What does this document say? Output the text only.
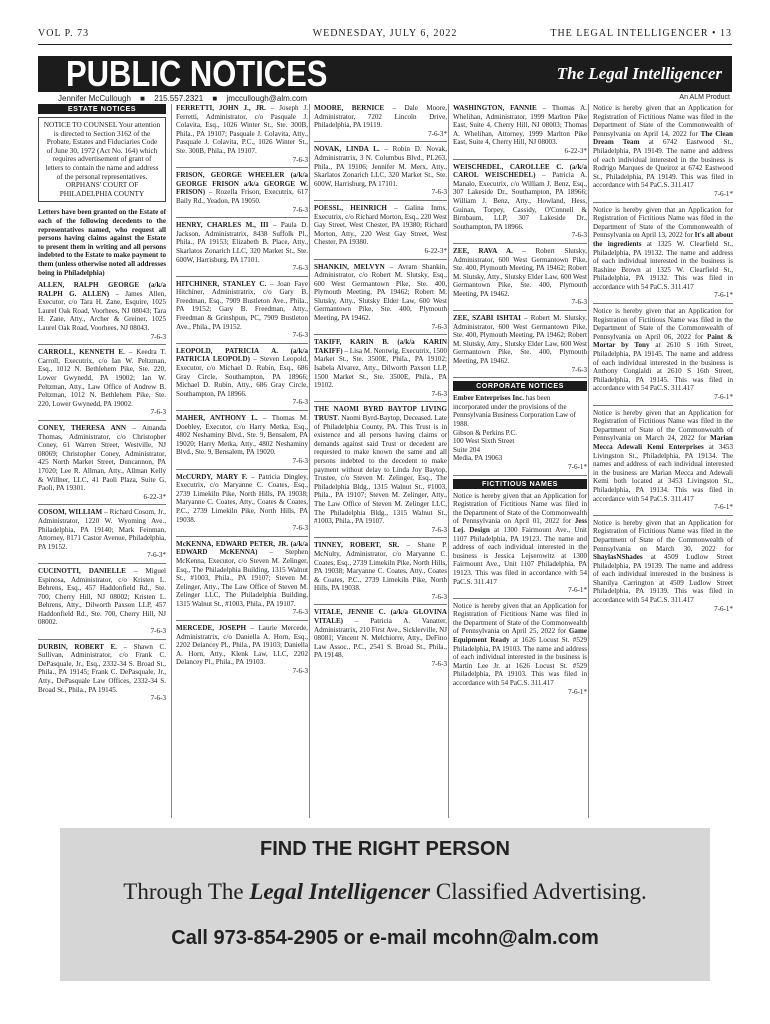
VOL P. 73	WEDNESDAY, JULY 6, 2022	THE LEGAL INTELLIGENCER • 13
PUBLIC NOTICES	The Legal Intelligencer
Jennifer McCullough ■ 215.557.2321 ■ jmccullough@alm.com	An ALM Product
ESTATE NOTICES
NOTICE TO COUNSEL Your attention is directed to Section 3162 of the Probate, Estates and Fiduciaries Code of June 30, 1972 (Act No. 164) which requires advertisement of grant of letters to contain the name and address of the personal representatives. ORPHANS' COURT OF PHILADELPHIA COUNTY
Letters have been granted on the Estate of each of the following decedents to the representatives named, who request all persons having claims against the Estate to present them in writing and all persons indebted to the Estate to make payment to them (unless otherwise noted all addresses being in Philadelphia)
ALLEN, RALPH GEORGE (a/k/a RALPH G. ALLEN) – James Allen, Executor, c/o Tara H. Zane, Esquire, 1025 Laurel Oak Road, Voorhees, NJ 08043; Tara H. Zane, Atty., Archer & Greiner, 1025 Laurel Oak Road, Voorhees, NJ 08043.
7-6-3
CARROLL, KENNETH E. – Keedra T. Carroll, Executrix, c/o Ian W. Peltzman, Esq., 1012 N. Bethlehem Pike, Ste. 220, Lower Gwynedd, PA 19002; Ian W. Peltzman, Atty., Law Office of Andrew B. Peltzman, 1012 N. Bethlehem Pike, Ste. 220, Lower Gwynedd, PA 19002.
7-6-3
CONEY, THERESA ANN – Amanda Thomas, Administrator, c/o Christopher Coney, 61 Warren Street, Westville, NJ 08069; Christopher Coney, Administrator, 425 North Market Street, Duncannon, PA 17020; Lee R. Allman, Atty., Allman Kelly & Willner, LLC, 41 Paoli Plaza, Suite G, Paoli, PA 19301.
6-22-3*
COSOM, WILLIAM – Richard Cosom, Jr., Administrator, 1220 W. Wyoming Ave., Philadelphia, PA 19140; Mark Feinman, Attorney, 8171 Castor Avenue, Philadelphia, PA 19152.
7-6-3*
CUCINOTTI, DANIELLE – Miguel Espinosa, Administrator, c/o Kristen L. Behrens, Esq., 457 Haddonfield Rd., Ste. 700, Cherry Hill, NJ 08002; Kristen L. Behrens, Atty., Dilworth Paxson LLP, 457 Haddonfield Rd., Ste. 700, Cherry Hill, NJ 08002.
7-6-3
DURBIN, ROBERT E. – Shawn C. Sullivan, Administrator, c/o Frank C. DePasquale, Jr., Esq., 2332-34 S. Broad St., Phila., PA 19145; Frank C. DePasquale, Jr., Atty., DePasquale Law Offices, 2332-34 S. Broad St., Phila., PA 19145.
7-6-3
FERRETTI, JOHN J., JR. – Joseph J. Ferretti, Administrator, c/o Pasquale J. Colavita, Esq., 1026 Winter St., Ste. 300B, Phila., PA 19107; Pasquale J. Colavita, Atty., Pasquale J. Colavita, P.C., 1026 Winter St., Ste. 300B, Phila., PA 19107.
7-6-3
FRISON, GEORGE WHEELER (a/k/a GEORGE FRISON a/k/a GEORGE W. FRISON) – Rozella Frison, Executrix, 617 Baily Rd., Yeadon, PA 19050.
7-6-3
HENRY, CHARLES M., III – Paula D. Jackson, Administratrix, 8438 Suffolk Pl., Phila., PA 19153; Elizabeth B. Place, Atty., Skarlatos Zonarich LLC, 320 Market St., Ste. 600W, Harrisburg, PA 17101.
7-6-3
HITCHINER, STANLEY C. – Joan Faye Hitchiner, Administratrix, c/o Gary B. Freedman, Esq., 7909 Bustleton Ave., Phila., PA 19152; Gary B. Freedman, Atty., Freedman & Grinshpun, PC, 7909 Bustleton Ave., Phila., PA 19152.
7-6-3
LEOPOLD, PATRICIA A. (a/k/a PATRICIA LEOPOLD) – Steven Leopold, Executor, c/o Michael D. Rubin, Esq., 686 Gray Circle, Southampton, PA 18966; Michael D. Rubin, Atty., 686 Gray Circle, Southampton, PA 18966.
7-6-3
MAHER, ANTHONY L. – Thomas M. Doebley, Executor, c/o Harry Metka, Esq., 4802 Neshaminy Blvd., Ste. 9, Bensalem, PA 19020; Harry Metka, Atty., 4802 Neshaminy Blvd., Ste. 9, Bensalem, PA 19020.
7-6-3
McCURDY, MARY F. – Patricia Dingley, Executrix, c/o Maryanne C. Coates, Esq., 2739 Limekiln Pike, North Hills, PA 19038; Maryanne C. Coates, Atty., Coates & Coates, P.C., 2739 Limekiln Pike, North Hills, PA 19038.
7-6-3
McKENNA, EDWARD PETER, JR. (a/k/a EDWARD McKENNA) – Stephen McKenna, Executor, c/o Steven M. Zelinger, Esq., The Philadelphia Building, 1315 Walnut St., #1003, Phila., PA 19107; Steven M. Zelinger, Atty., The Law Office of Steven M. Zelinger LLC, The Philadelphia Building, 1315 Walnut St., #1003, Phila., PA 19107.
7-6-3
MERCEDE, JOSEPH – Laurie Mercede, Administratrix, c/o Daniella A. Horn, Esq., 2202 Delancey Pl., Phila., PA 19103; Daniella A. Horn, Atty., Klenk Law, LLC, 2202 Delancey Pl., Phila., PA 19103.
7-6-3
MOORE, BERNICE – Dale Moore, Administrator, 7202 Lincoln Drive, Philadelphia, PA 19119.
7-6-3*
NOVAK, LINDA L. – Robin D. Novak, Administratrix, 3 N. Columbus Blvd., PL263, Phila., PA 19106; Jennifer M. Merx, Atty., Skarlatos Zonarich LLC, 320 Market St., Ste. 600W, Harrisburg, PA 17101.
7-6-3
POESSL, HEINRICH – Galina Inms, Executrix, c/o Richard Morton, Esq., 220 West Gay Street, West Chester, PA 19380; Richard Morton, Atty., 220 West Gay Street, West Chester, PA 19380.
6-22-3*
SHANKIN, MELVYN – Avram Shankin, Administrator, c/o Robert M. Slutsky, Esq., 600 West Germantown Pike, Ste. 400, Plymouth Meeting, PA 19462; Robert M. Slutsky, Atty., Slutsky Elder Law, 600 West Germantown Pike, Ste. 400, Plymouth Meeting, PA 19462.
7-6-3
TAKIFF, KARIN B. (a/k/a KARIN TAKIFF) – Lisa M. Nentwig, Executrix, 1500 Market St., Ste. 3500E, Phila., PA 19102; Isabela Alvarez, Atty., Dilworth Paxson LLP, 1500 Market St., Ste. 3500E, Phila., PA 19102.
7-6-3
THE NAOMI BYRD BAYTOP LIVING TRUST. Naomi Byrd-Baytop, Deceased. Late of Philadelphia County, PA. This Trust is in existence and all persons having claims or demands against said Trust or decedent are requested to make known the same and all persons indebted to the decedent to make payment without delay to Linda Joy Baytop, Trustee, c/o Steven M. Zelinger, Esq., The Philadelphia Bldg., 1315 Walnut St., #1003, Phila., PA 19107; Steven M. Zelinger, Atty., The Law Office of Steven M. Zelinger LLC, The Philadelphia Bldg., 1315 Walnut St., #1003, Phila., PA 19107.
7-6-3
TINNEY, ROBERT, SR. – Shane P. McNulty, Administrator, c/o Maryanne C. Coates, Esq., 2739 Limekiln Pike, North Hills, PA 19038; Maryanne C. Coates, Atty., Coates & Coates, P.C., 2739 Limekiln Pike, North Hills, PA 19038.
7-6-3
VITALE, JENNIE C. (a/k/a GLOVINA VITALE) – Patricia A. Vanatter, Administratrix, 210 First Ave., Sicklerville, NJ 08081; Vincent N. Melchiorre, Atty., DeFino Law Assoc., P.C., 2541 S. Broad St., Phila., PA 19148.
7-6-3
WASHINGTON, FANNIE – Thomas A. Whelihan, Administrator, 1999 Marlton Pike East, Suite 4, Cherry Hill, NJ 08003; Thomas A. Whelihan, Attorney, 1999 Marlton Pike East, Suite 4, Cherry Hill, NJ 08003.
6-22-3*
WEISCHEDEL, CAROLLEE C. (a/k/a CAROL WEISCHEDEL) – Patricia A. Manalo, Executrix, c/o William J. Benz, Esq., 307 Lakeside Dr., Southampton, PA 18966; William J. Benz, Atty., Howland, Hess, Guinan, Torpey, Cassidy, O'Connell & Birnbaum, LLP, 307 Lakeside Dr., Southampton, PA 18966.
7-6-3
ZEE, RAVA A. – Robert Slutsky, Administrator, 600 West Germantown Pike, Ste. 400, Plymouth Meeting, PA 19462; Robert M. Slutsky, Atty., Slutsky Elder Law, 600 West Germantown Pike, Ste. 400, Plymouth Meeting, PA 19462.
7-6-3
ZEE, SZABI ISHTAI – Robert M. Slutsky, Administrator, 600 West Germantown Pike, Ste. 400, Plymouth Meeting, PA 19462; Robert M. Slutsky, Atty., Slutsky Elder Law, 600 West Germantown Pike, Ste. 400, Plymouth Meeting, PA 19462.
7-6-3
CORPORATE NOTICES
Ember Enterprises Inc. has been incorporated under the provisions of the Pennsylvania Business Corporation Law of 1988.
Gibson & Perkins P.C.
100 West Sixth Street
Suite 204
Media, PA 19063
7-6-1*
FICTITIOUS NAMES
Notice is hereby given that an Application for Registration of Fictitious Name was filed in the Department of State of the Commonwealth of Pennsylvania on April 01, 2022 for Jess Lej. Design at 1300 Fairmount Ave., Unit 1107 Philadelphia, PA 19123. The name and address of each individual interested in the business is Jessica Lejserowitz at 1300 Fairmount Ave., Unit 1107 Philadelphia, PA 19123. This was filed in accordance with 54 PaC.S. 311.417
7-6-1*
Notice is hereby given that an Application for Registration of Fictitious Name was filed in the Department of State of the Commonwealth of Pennsylvania on April 25, 2022 for Game Equipment Ready at 1626 Locust St. #529 Philadelphia, PA 19103. The name and address of each individual interested in the business is Martin Lee Jr. at 1626 Locust St. #529 Philadelphia, PA 19103. This was filed in accordance with 54 PaC.S. 311.417
7-6-1*
Notice is hereby given that an Application for Registration of Fictitious Name was filed in the Department of State of the Commonwealth of Pennsylvania on April 14, 2022 for The Clean Dream Team at 6742 Eastwood St., Philadelphia, PA 19149. The name and address of each individual interested in the business is Rodrigo Marques de Queiroz at 6742 Eastwood St., Philadelphia, PA 19149. This was filed in accordance with 54 PaC.S. 311.417
7-6-1*
Notice is hereby given that an Application for Registration of Fictitious Name was filed in the Department of State of the Commonwealth of Pennsylvania on April 13, 2022 for It's all about the ingredients at 1325 W. Clearfield St., Philadelphia, PA 19132. The name and address of each individual interested in the business is Rashine Brown at 1325 W. Clearfield St., Philadelphia, PA 19132. This was filed in accordance with 54 PaC.S. 311.417
7-6-1*
Notice is hereby given that an Application for Registration of Fictitious Name was filed in the Department of State of the Commonwealth of Pennsylvania on April 06, 2022 for Paint & Mortar by Tony at 2610 S 16th Street, Philadelphia, PA 19145. The name and address of each individual interested in the business is Anthony Congialdi at 2610 S 16th Street, Philadelphia, PA 19145. This was filed in accordance with 54 PaC.S. 311.417
7-6-1*
Notice is hereby given that an Application for Registration of Fictitious Name was filed in the Department of State of the Commonwealth of Pennsylvania on March 24, 2022 for Marian Mecca Adewali Kemi Enterprises at 3453 Livingston St., Philadelphia, PA 19134. The names and address of each individual interested in the business are Marian Mecca and Adewali Kemi both located at 3453 Livingston St., Philadelphia, PA 19134. This was filed in accordance with 54 PaC.S. 311.417
7-6-1*
Notice is hereby given that an Application for Registration of Fictitious Name was filed in the Department of State of the Commonwealth of Pennsylvania on March 30, 2022 for ShaylasNShades at 4509 Ludlow Street Philadelphia, PA 19139. The name and address of each individual interested in the business is Shanilya Carrington at 4509 Ludlow Street Philadelphia, PA 19139. This was filed in accordance with 54 PaC.S. 311.417
7-6-1*
FIND THE RIGHT PERSON
Through The Legal Intelligencer Classified Advertising.
Call 973-854-2905 or e-mail mcohn@alm.com
